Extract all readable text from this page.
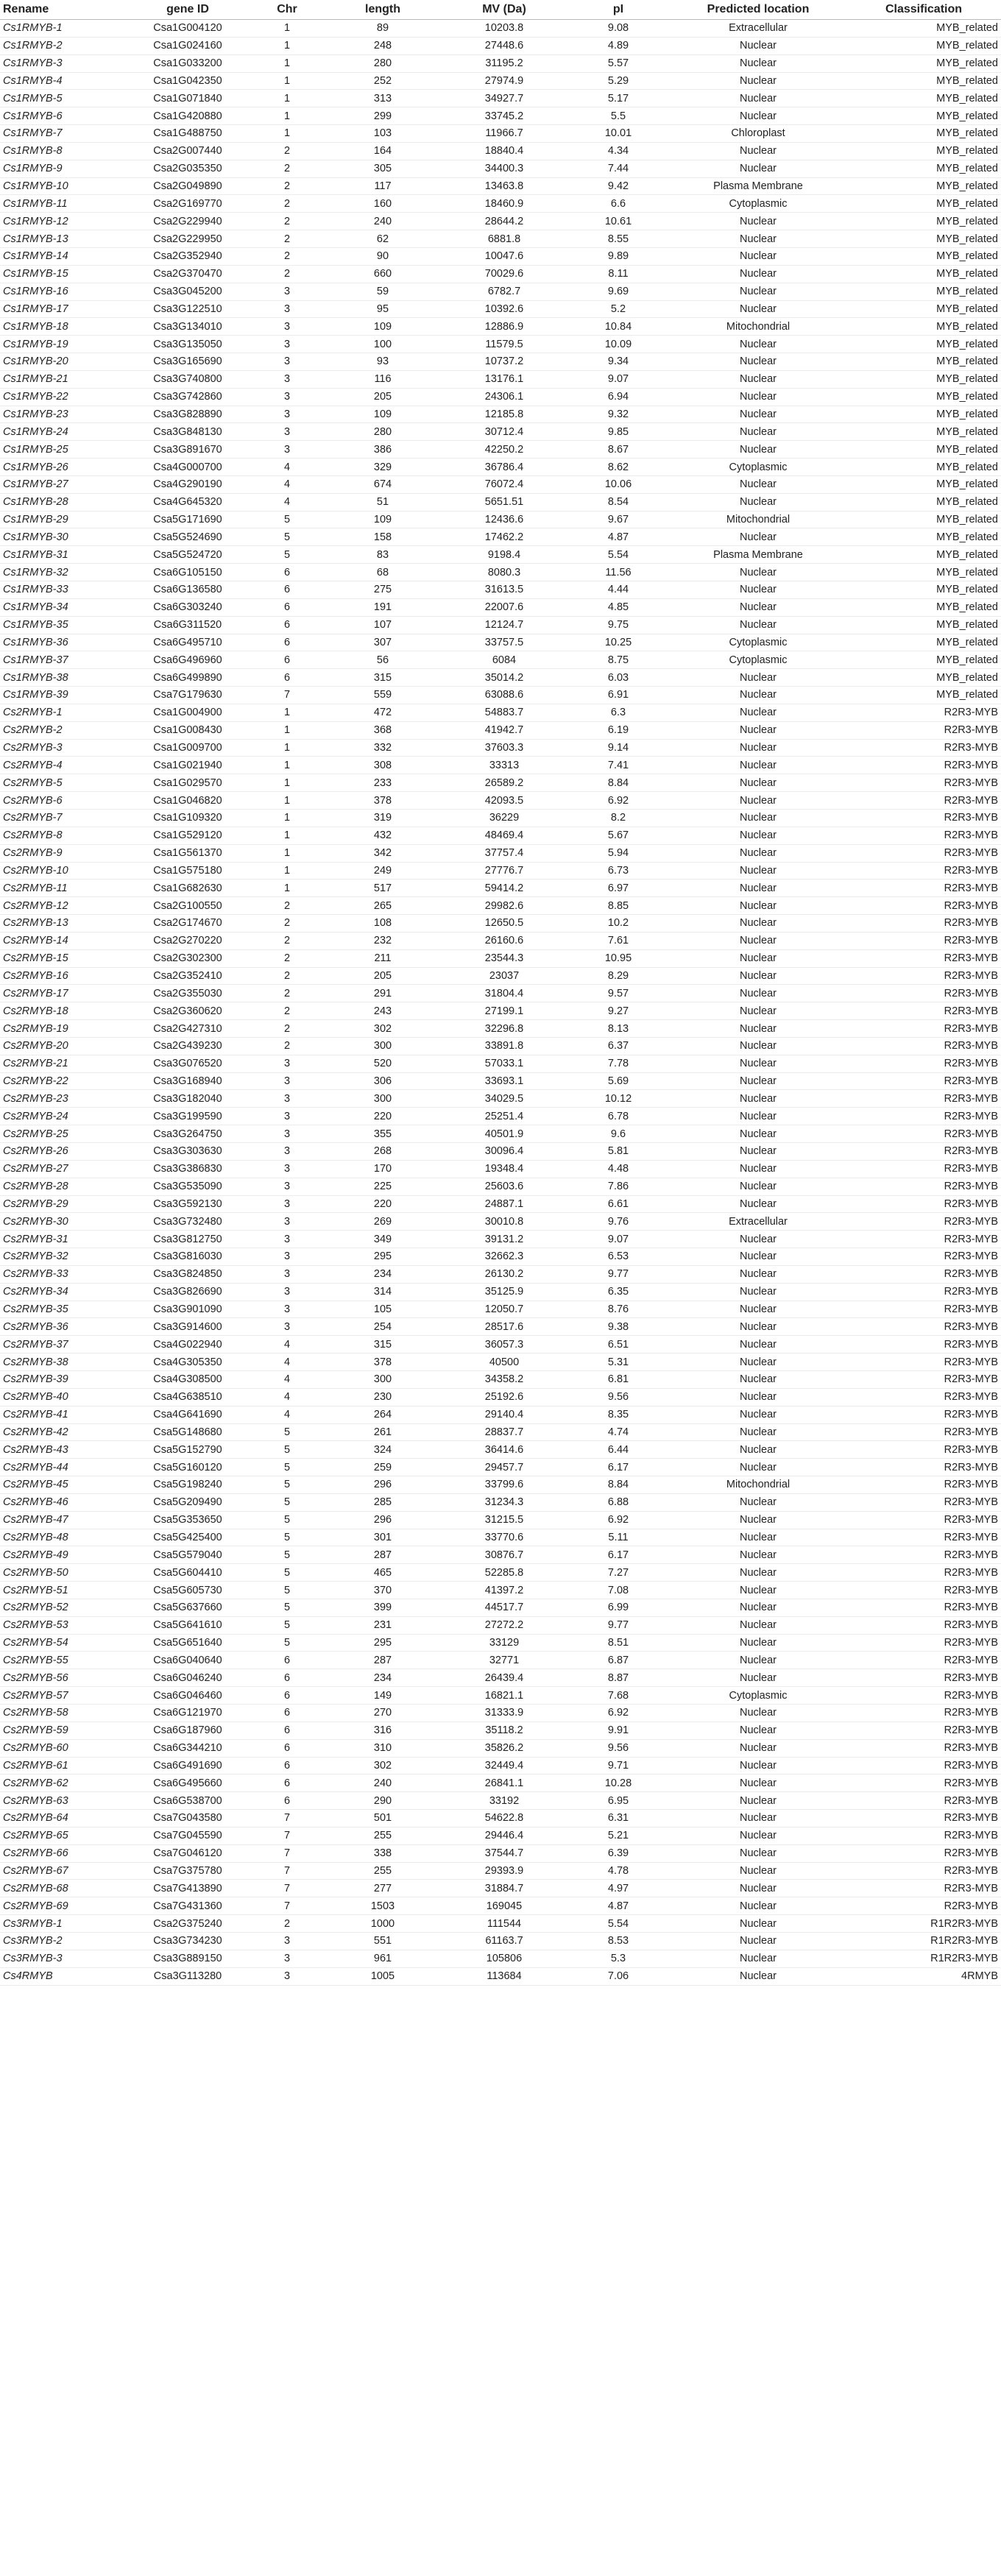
Rename	gene ID	Chr	length	MV (Da)	pI	Predicted location	Classification
Cs1RMYB-1	Csa1G004120	1	89	10203.8	9.08	Extracellular	MYB_related
Cs1RMYB-2	Csa1G024160	1	248	27448.6	4.89	Nuclear	MYB_related
Cs1RMYB-3	Csa1G033200	1	280	31195.2	5.57	Nuclear	MYB_related
Cs1RMYB-4	Csa1G042350	1	252	27974.9	5.29	Nuclear	MYB_related
Cs1RMYB-5	Csa1G071840	1	313	34927.7	5.17	Nuclear	MYB_related
Cs1RMYB-6	Csa1G420880	1	299	33745.2	5.5	Nuclear	MYB_related
Cs1RMYB-7	Csa1G488750	1	103	11966.7	10.01	Chloroplast	MYB_related
Cs1RMYB-8	Csa2G007440	2	164	18840.4	4.34	Nuclear	MYB_related
Cs1RMYB-9	Csa2G035350	2	305	34400.3	7.44	Nuclear	MYB_related
Cs1RMYB-10	Csa2G049890	2	117	13463.8	9.42	Plasma Membrane	MYB_related
Cs1RMYB-11	Csa2G169770	2	160	18460.9	6.6	Cytoplasmic	MYB_related
Cs1RMYB-12	Csa2G229940	2	240	28644.2	10.61	Nuclear	MYB_related
Cs1RMYB-13	Csa2G229950	2	62	6881.8	8.55	Nuclear	MYB_related
Cs1RMYB-14	Csa2G352940	2	90	10047.6	9.89	Nuclear	MYB_related
Cs1RMYB-15	Csa2G370470	2	660	70029.6	8.11	Nuclear	MYB_related
Cs1RMYB-16	Csa3G045200	3	59	6782.7	9.69	Nuclear	MYB_related
Cs1RMYB-17	Csa3G122510	3	95	10392.6	5.2	Nuclear	MYB_related
Cs1RMYB-18	Csa3G134010	3	109	12886.9	10.84	Mitochondrial	MYB_related
Cs1RMYB-19	Csa3G135050	3	100	11579.5	10.09	Nuclear	MYB_related
Cs1RMYB-20	Csa3G165690	3	93	10737.2	9.34	Nuclear	MYB_related
Cs1RMYB-21	Csa3G740800	3	116	13176.1	9.07	Nuclear	MYB_related
Cs1RMYB-22	Csa3G742860	3	205	24306.1	6.94	Nuclear	MYB_related
Cs1RMYB-23	Csa3G828890	3	109	12185.8	9.32	Nuclear	MYB_related
Cs1RMYB-24	Csa3G848130	3	280	30712.4	9.85	Nuclear	MYB_related
Cs1RMYB-25	Csa3G891670	3	386	42250.2	8.67	Nuclear	MYB_related
Cs1RMYB-26	Csa4G000700	4	329	36786.4	8.62	Cytoplasmic	MYB_related
Cs1RMYB-27	Csa4G290190	4	674	76072.4	10.06	Nuclear	MYB_related
Cs1RMYB-28	Csa4G645320	4	51	5651.51	8.54	Nuclear	MYB_related
Cs1RMYB-29	Csa5G171690	5	109	12436.6	9.67	Mitochondrial	MYB_related
Cs1RMYB-30	Csa5G524690	5	158	17462.2	4.87	Nuclear	MYB_related
Cs1RMYB-31	Csa5G524720	5	83	9198.4	5.54	Plasma Membrane	MYB_related
Cs1RMYB-32	Csa6G105150	6	68	8080.3	11.56	Nuclear	MYB_related
Cs1RMYB-33	Csa6G136580	6	275	31613.5	4.44	Nuclear	MYB_related
Cs1RMYB-34	Csa6G303240	6	191	22007.6	4.85	Nuclear	MYB_related
Cs1RMYB-35	Csa6G311520	6	107	12124.7	9.75	Nuclear	MYB_related
Cs1RMYB-36	Csa6G495710	6	307	33757.5	10.25	Cytoplasmic	MYB_related
Cs1RMYB-37	Csa6G496960	6	56	6084	8.75	Cytoplasmic	MYB_related
Cs1RMYB-38	Csa6G499890	6	315	35014.2	6.03	Nuclear	MYB_related
Cs1RMYB-39	Csa7G179630	7	559	63088.6	6.91	Nuclear	MYB_related
Cs2RMYB-1	Csa1G004900	1	472	54883.7	6.3	Nuclear	R2R3-MYB
Cs2RMYB-2	Csa1G008430	1	368	41942.7	6.19	Nuclear	R2R3-MYB
Cs2RMYB-3	Csa1G009700	1	332	37603.3	9.14	Nuclear	R2R3-MYB
Cs2RMYB-4	Csa1G021940	1	308	33313	7.41	Nuclear	R2R3-MYB
Cs2RMYB-5	Csa1G029570	1	233	26589.2	8.84	Nuclear	R2R3-MYB
Cs2RMYB-6	Csa1G046820	1	378	42093.5	6.92	Nuclear	R2R3-MYB
Cs2RMYB-7	Csa1G109320	1	319	36229	8.2	Nuclear	R2R3-MYB
Cs2RMYB-8	Csa1G529120	1	432	48469.4	5.67	Nuclear	R2R3-MYB
Cs2RMYB-9	Csa1G561370	1	342	37757.4	5.94	Nuclear	R2R3-MYB
Cs2RMYB-10	Csa1G575180	1	249	27776.7	6.73	Nuclear	R2R3-MYB
Cs2RMYB-11	Csa1G682630	1	517	59414.2	6.97	Nuclear	R2R3-MYB
Cs2RMYB-12	Csa2G100550	2	265	29982.6	8.85	Nuclear	R2R3-MYB
Cs2RMYB-13	Csa2G174670	2	108	12650.5	10.2	Nuclear	R2R3-MYB
Cs2RMYB-14	Csa2G270220	2	232	26160.6	7.61	Nuclear	R2R3-MYB
Cs2RMYB-15	Csa2G302300	2	211	23544.3	10.95	Nuclear	R2R3-MYB
Cs2RMYB-16	Csa2G352410	2	205	23037	8.29	Nuclear	R2R3-MYB
Cs2RMYB-17	Csa2G355030	2	291	31804.4	9.57	Nuclear	R2R3-MYB
Cs2RMYB-18	Csa2G360620	2	243	27199.1	9.27	Nuclear	R2R3-MYB
Cs2RMYB-19	Csa2G427310	2	302	32296.8	8.13	Nuclear	R2R3-MYB
Cs2RMYB-20	Csa2G439230	2	300	33891.8	6.37	Nuclear	R2R3-MYB
Cs2RMYB-21	Csa3G076520	3	520	57033.1	7.78	Nuclear	R2R3-MYB
Cs2RMYB-22	Csa3G168940	3	306	33693.1	5.69	Nuclear	R2R3-MYB
Cs2RMYB-23	Csa3G182040	3	300	34029.5	10.12	Nuclear	R2R3-MYB
Cs2RMYB-24	Csa3G199590	3	220	25251.4	6.78	Nuclear	R2R3-MYB
Cs2RMYB-25	Csa3G264750	3	355	40501.9	9.6	Nuclear	R2R3-MYB
Cs2RMYB-26	Csa3G303630	3	268	30096.4	5.81	Nuclear	R2R3-MYB
Cs2RMYB-27	Csa3G386830	3	170	19348.4	4.48	Nuclear	R2R3-MYB
Cs2RMYB-28	Csa3G535090	3	225	25603.6	7.86	Nuclear	R2R3-MYB
Cs2RMYB-29	Csa3G592130	3	220	24887.1	6.61	Nuclear	R2R3-MYB
Cs2RMYB-30	Csa3G732480	3	269	30010.8	9.76	Extracellular	R2R3-MYB
Cs2RMYB-31	Csa3G812750	3	349	39131.2	9.07	Nuclear	R2R3-MYB
Cs2RMYB-32	Csa3G816030	3	295	32662.3	6.53	Nuclear	R2R3-MYB
Cs2RMYB-33	Csa3G824850	3	234	26130.2	9.77	Nuclear	R2R3-MYB
Cs2RMYB-34	Csa3G826690	3	314	35125.9	6.35	Nuclear	R2R3-MYB
Cs2RMYB-35	Csa3G901090	3	105	12050.7	8.76	Nuclear	R2R3-MYB
Cs2RMYB-36	Csa3G914600	3	254	28517.6	9.38	Nuclear	R2R3-MYB
Cs2RMYB-37	Csa4G022940	4	315	36057.3	6.51	Nuclear	R2R3-MYB
Cs2RMYB-38	Csa4G305350	4	378	40500	5.31	Nuclear	R2R3-MYB
Cs2RMYB-39	Csa4G308500	4	300	34358.2	6.81	Nuclear	R2R3-MYB
Cs2RMYB-40	Csa4G638510	4	230	25192.6	9.56	Nuclear	R2R3-MYB
Cs2RMYB-41	Csa4G641690	4	264	29140.4	8.35	Nuclear	R2R3-MYB
Cs2RMYB-42	Csa5G148680	5	261	28837.7	4.74	Nuclear	R2R3-MYB
Cs2RMYB-43	Csa5G152790	5	324	36414.6	6.44	Nuclear	R2R3-MYB
Cs2RMYB-44	Csa5G160120	5	259	29457.7	6.17	Nuclear	R2R3-MYB
Cs2RMYB-45	Csa5G198240	5	296	33799.6	8.84	Mitochondrial	R2R3-MYB
Cs2RMYB-46	Csa5G209490	5	285	31234.3	6.88	Nuclear	R2R3-MYB
Cs2RMYB-47	Csa5G353650	5	296	31215.5	6.92	Nuclear	R2R3-MYB
Cs2RMYB-48	Csa5G425400	5	301	33770.6	5.11	Nuclear	R2R3-MYB
Cs2RMYB-49	Csa5G579040	5	287	30876.7	6.17	Nuclear	R2R3-MYB
Cs2RMYB-50	Csa5G604410	5	465	52285.8	7.27	Nuclear	R2R3-MYB
Cs2RMYB-51	Csa5G605730	5	370	41397.2	7.08	Nuclear	R2R3-MYB
Cs2RMYB-52	Csa5G637660	5	399	44517.7	6.99	Nuclear	R2R3-MYB
Cs2RMYB-53	Csa5G641610	5	231	27272.2	9.77	Nuclear	R2R3-MYB
Cs2RMYB-54	Csa5G651640	5	295	33129	8.51	Nuclear	R2R3-MYB
Cs2RMYB-55	Csa6G040640	6	287	32771	6.87	Nuclear	R2R3-MYB
Cs2RMYB-56	Csa6G046240	6	234	26439.4	8.87	Nuclear	R2R3-MYB
Cs2RMYB-57	Csa6G046460	6	149	16821.1	7.68	Cytoplasmic	R2R3-MYB
Cs2RMYB-58	Csa6G121970	6	270	31333.9	6.92	Nuclear	R2R3-MYB
Cs2RMYB-59	Csa6G187960	6	316	35118.2	9.91	Nuclear	R2R3-MYB
Cs2RMYB-60	Csa6G344210	6	310	35826.2	9.56	Nuclear	R2R3-MYB
Cs2RMYB-61	Csa6G491690	6	302	32449.4	9.71	Nuclear	R2R3-MYB
Cs2RMYB-62	Csa6G495660	6	240	26841.1	10.28	Nuclear	R2R3-MYB
Cs2RMYB-63	Csa6G538700	6	290	33192	6.95	Nuclear	R2R3-MYB
Cs2RMYB-64	Csa7G043580	7	501	54622.8	6.31	Nuclear	R2R3-MYB
Cs2RMYB-65	Csa7G045590	7	255	29446.4	5.21	Nuclear	R2R3-MYB
Cs2RMYB-66	Csa7G046120	7	338	37544.7	6.39	Nuclear	R2R3-MYB
Cs2RMYB-67	Csa7G375780	7	255	29393.9	4.78	Nuclear	R2R3-MYB
Cs2RMYB-68	Csa7G413890	7	277	31884.7	4.97	Nuclear	R2R3-MYB
Cs2RMYB-69	Csa7G431360	7	1503	169045	4.87	Nuclear	R2R3-MYB
Cs3RMYB-1	Csa2G375240	2	1000	111544	5.54	Nuclear	R1R2R3-MYB
Cs3RMYB-2	Csa3G734230	3	551	61163.7	8.53	Nuclear	R1R2R3-MYB
Cs3RMYB-3	Csa3G889150	3	961	105806	5.3	Nuclear	R1R2R3-MYB
Cs4RMYB	Csa3G113280	3	1005	113684	7.06	Nuclear	4RMYB
